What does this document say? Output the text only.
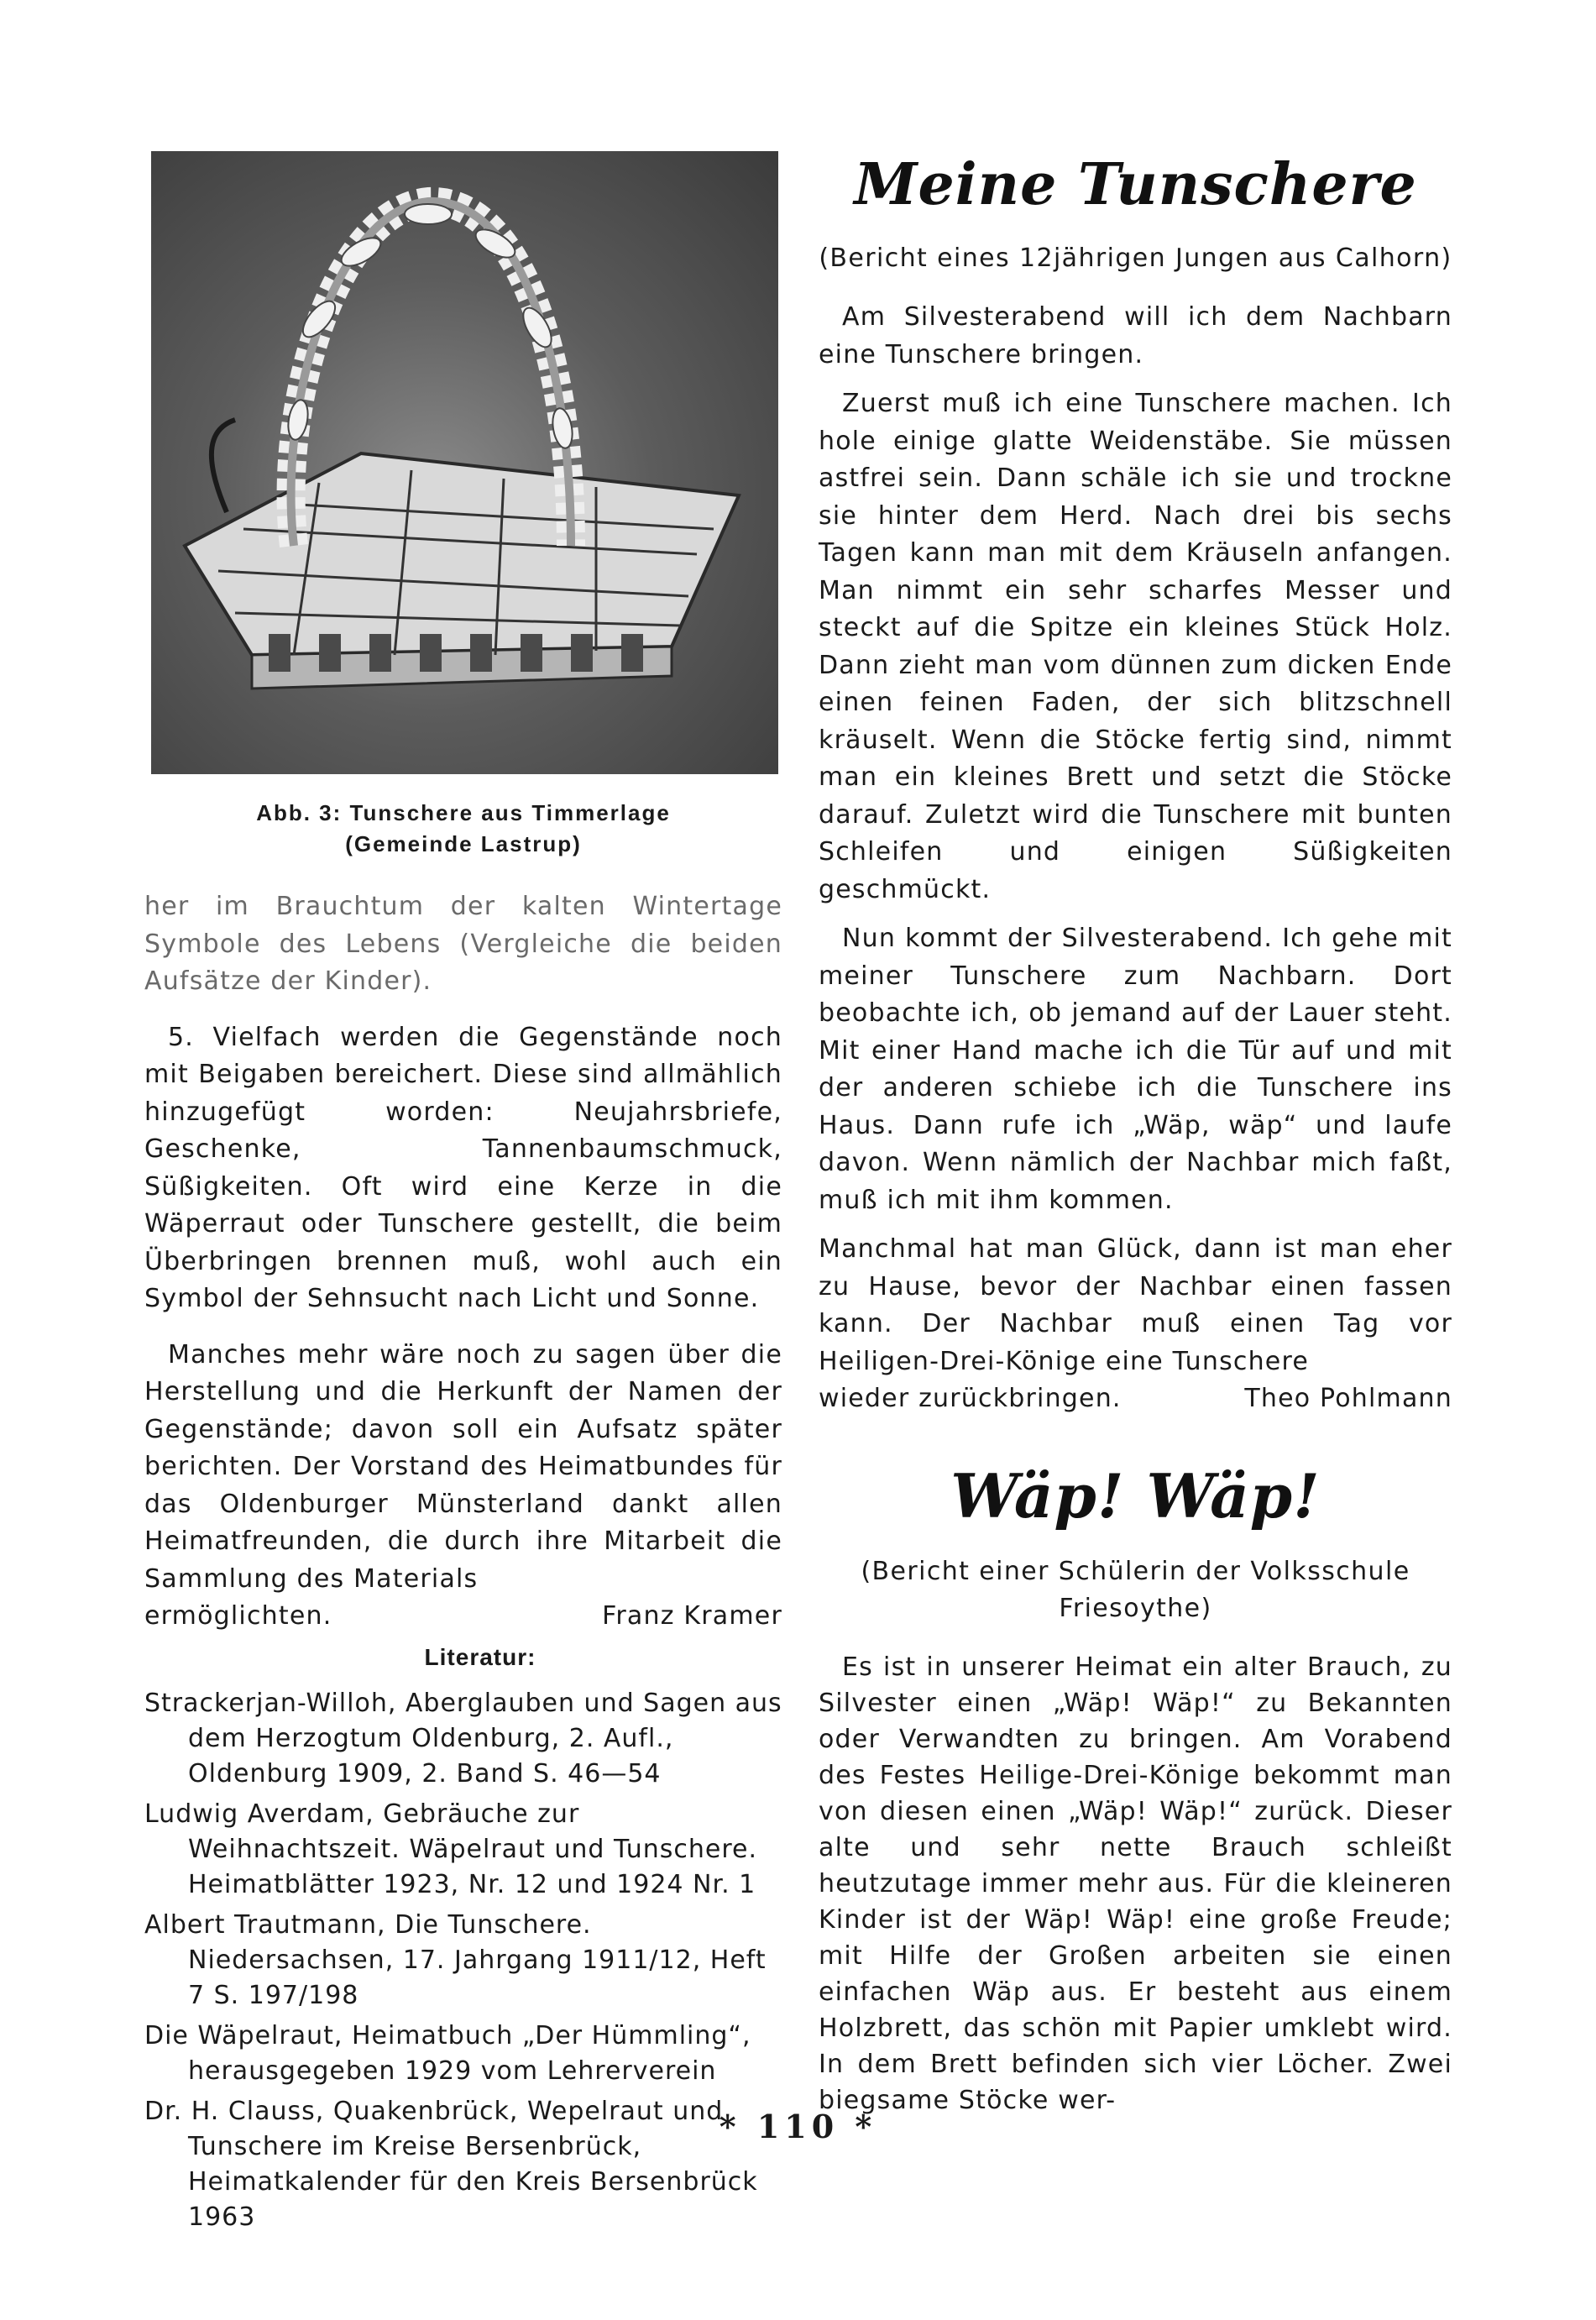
Abb. 3: Tunschere aus Timmerlage
(Gemeinde Lastrup)

her im Brauchtum der kalten Wintertage Symbole des Lebens (Vergleiche die beiden Aufsätze der Kinder).

5. Vielfach werden die Gegenstände noch mit Beigaben bereichert. Diese sind allmählich hinzugefügt worden: Neujahrsbriefe, Geschenke, Tannenbaumschmuck, Süßigkeiten. Oft wird eine Kerze in die Wäperraut oder Tunschere gestellt, die beim Überbringen brennen muß, wohl auch ein Symbol der Sehnsucht nach Licht und Sonne.

Manches mehr wäre noch zu sagen über die Herstellung und die Herkunft der Namen der Gegenstände; davon soll ein Aufsatz später berichten. Der Vorstand des Heimatbundes für das Oldenburger Münsterland dankt allen Heimatfreunden, die durch ihre Mitarbeit die Sammlung des Materials

ermöglichten.	Franz Kramer
Literatur:
Strackerjan-Willoh, Aberglauben und Sagen aus dem Herzogtum Oldenburg, 2. Aufl., Oldenburg 1909, 2. Band S. 46—54
Ludwig Averdam, Gebräuche zur Weihnachtszeit. Wäpelraut und Tunschere. Heimatblätter 1923, Nr. 12 und 1924 Nr. 1
Albert Trautmann, Die Tunschere. Niedersachsen, 17. Jahrgang 1911/12, Heft 7 S. 197/198
Die Wäpelraut, Heimatbuch „Der Hümmling“, herausgegeben 1929 vom Lehrerverein
Dr. H. Clauss, Quakenbrück, Wepelraut und Tunschere im Kreise Bersenbrück, Heimatkalender für den Kreis Bersenbrück 1963
Meine Tunschere
(Bericht eines 12jährigen Jungen aus Calhorn)

Am Silvesterabend will ich dem Nachbarn eine Tunschere bringen.

Zuerst muß ich eine Tunschere machen. Ich hole einige glatte Weidenstäbe. Sie müssen astfrei sein. Dann schäle ich sie und trockne sie hinter dem Herd. Nach drei bis sechs Tagen kann man mit dem Kräuseln anfangen. Man nimmt ein sehr scharfes Messer und steckt auf die Spitze ein kleines Stück Holz. Dann zieht man vom dünnen zum dicken Ende einen feinen Faden, der sich blitzschnell kräuselt. Wenn die Stöcke fertig sind, nimmt man ein kleines Brett und setzt die Stöcke darauf. Zuletzt wird die Tunschere mit bunten Schleifen und einigen Süßigkeiten geschmückt.

Nun kommt der Silvesterabend. Ich gehe mit meiner Tunschere zum Nachbarn. Dort beobachte ich, ob jemand auf der Lauer steht. Mit einer Hand mache ich die Tür auf und mit der anderen schiebe ich die Tunschere ins Haus. Dann rufe ich „Wäp, wäp“ und laufe davon. Wenn nämlich der Nachbar mich faßt, muß ich mit ihm kommen.

Manchmal hat man Glück, dann ist man eher zu Hause, bevor der Nachbar einen fassen kann. Der Nachbar muß einen Tag vor Heiligen-Drei-Könige eine Tunschere

wieder zurückbringen.	Theo Pohlmann
Wäp! Wäp!
(Bericht einer Schülerin der Volksschule Friesoythe)

Es ist in unserer Heimat ein alter Brauch, zu Silvester einen „Wäp! Wäp!“ zu Bekannten oder Verwandten zu bringen. Am Vorabend des Festes Heilige-Drei-Könige bekommt man von diesen einen „Wäp! Wäp!“ zurück. Dieser alte und sehr nette Brauch schleißt heutzutage immer mehr aus. Für die kleineren Kinder ist der Wäp! Wäp! eine große Freude; mit Hilfe der Großen arbeiten sie einen einfachen Wäp aus. Er besteht aus einem Holzbrett, das schön mit Papier umklebt wird. In dem Brett befinden sich vier Löcher. Zwei biegsame Stöcke wer-

* 110 *
